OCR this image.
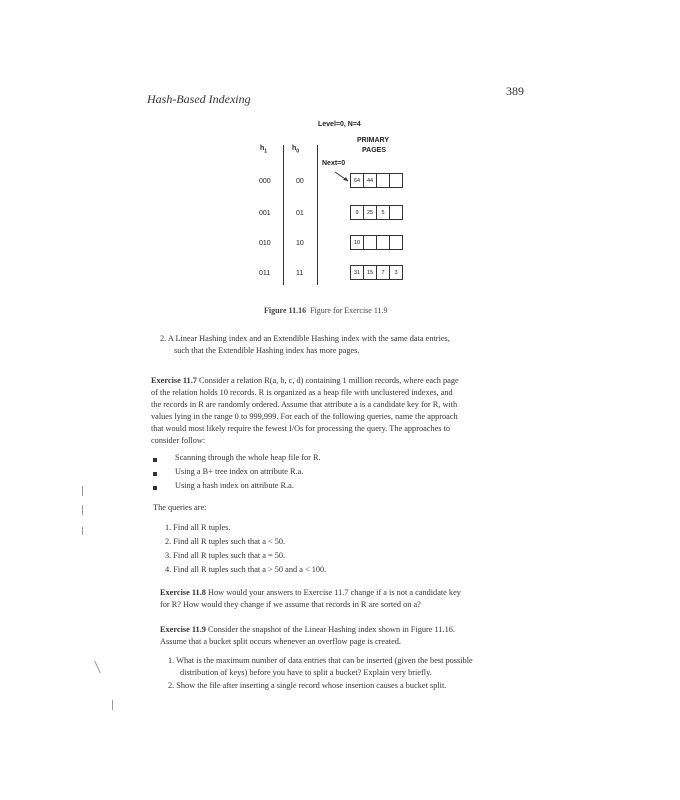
Hash-Based Indexing
389
Level=0, N=4
PRIMARY
PAGES
$h_1$	$h_0$
Next=0
000	00	64	44
001	01	9	25	5
010	10	10
011	11	31	15	7	3
Figure 11.16 Figure for Exercise 11.9
2. A Linear Hashing index and an Extendible Hashing index with the same data entries,
such that the Extendible Hashing index has more pages.
Exercise 11.7 Consider a relation R(a, b, c, d) containing 1 million records, where each page
of the relation holds 10 records. R is organized as a heap file with unclustered indexes, and
the records in R are randomly ordered. Assume that attribute a is a candidate key for R, with
values lying in the range 0 to 999,999. For each of the following queries, name the approach
that would most likely require the fewest I/Os for processing the query. The approaches to
consider follow:
Scanning through the whole heap file for R.
Using a B+ tree index on attribute R.a.
Using a hash index on attribute R.a.
The queries are:
1. Find all R tuples.
2. Find all R tuples such that a < 50.
3. Find all R tuples such that a = 50.
4. Find all R tuples such that a > 50 and a < 100.
Exercise 11.8 How would your answers to Exercise 11.7 change if a is not a candidate key
for R? How would they change if we assume that records in R are sorted on a?
Exercise 11.9 Consider the snapshot of the Linear Hashing index shown in Figure 11.16.
Assume that a bucket split occurs whenever an overflow page is created.
1. What is the maximum number of data entries that can be inserted (given the best possible
distribution of keys) before you have to split a bucket? Explain very briefly.
2. Show the file after inserting a single record whose insertion causes a bucket split.
